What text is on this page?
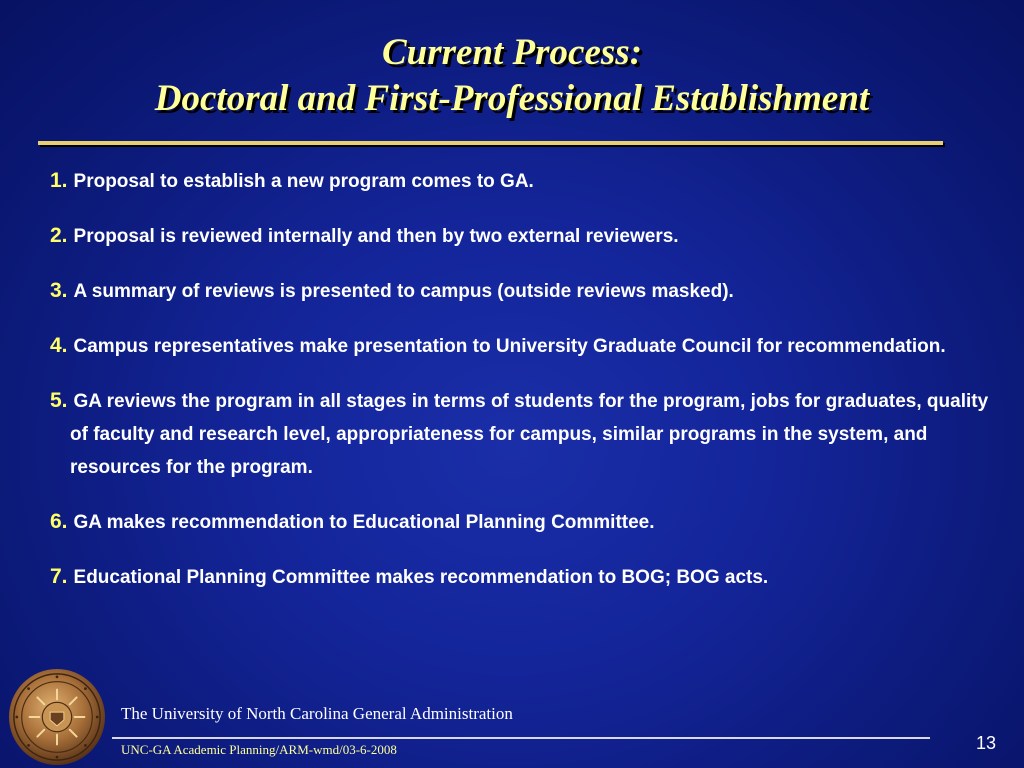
Current Process:
Doctoral and First-Professional Establishment
1. Proposal to establish a new program comes to GA.
2. Proposal is reviewed internally and then by two external reviewers.
3. A summary of reviews is presented to campus (outside reviews masked).
4. Campus representatives make presentation to University Graduate Council for recommendation.
5. GA reviews the program in all stages in terms of students for the program, jobs for graduates, quality of faculty and research level, appropriateness for campus, similar programs in the system, and resources for the program.
6. GA makes recommendation to Educational Planning Committee.
7. Educational Planning Committee makes recommendation to BOG; BOG acts.
The University of North Carolina General Administration
UNC-GA Academic Planning/ARM-wmd/03-6-2008	13
